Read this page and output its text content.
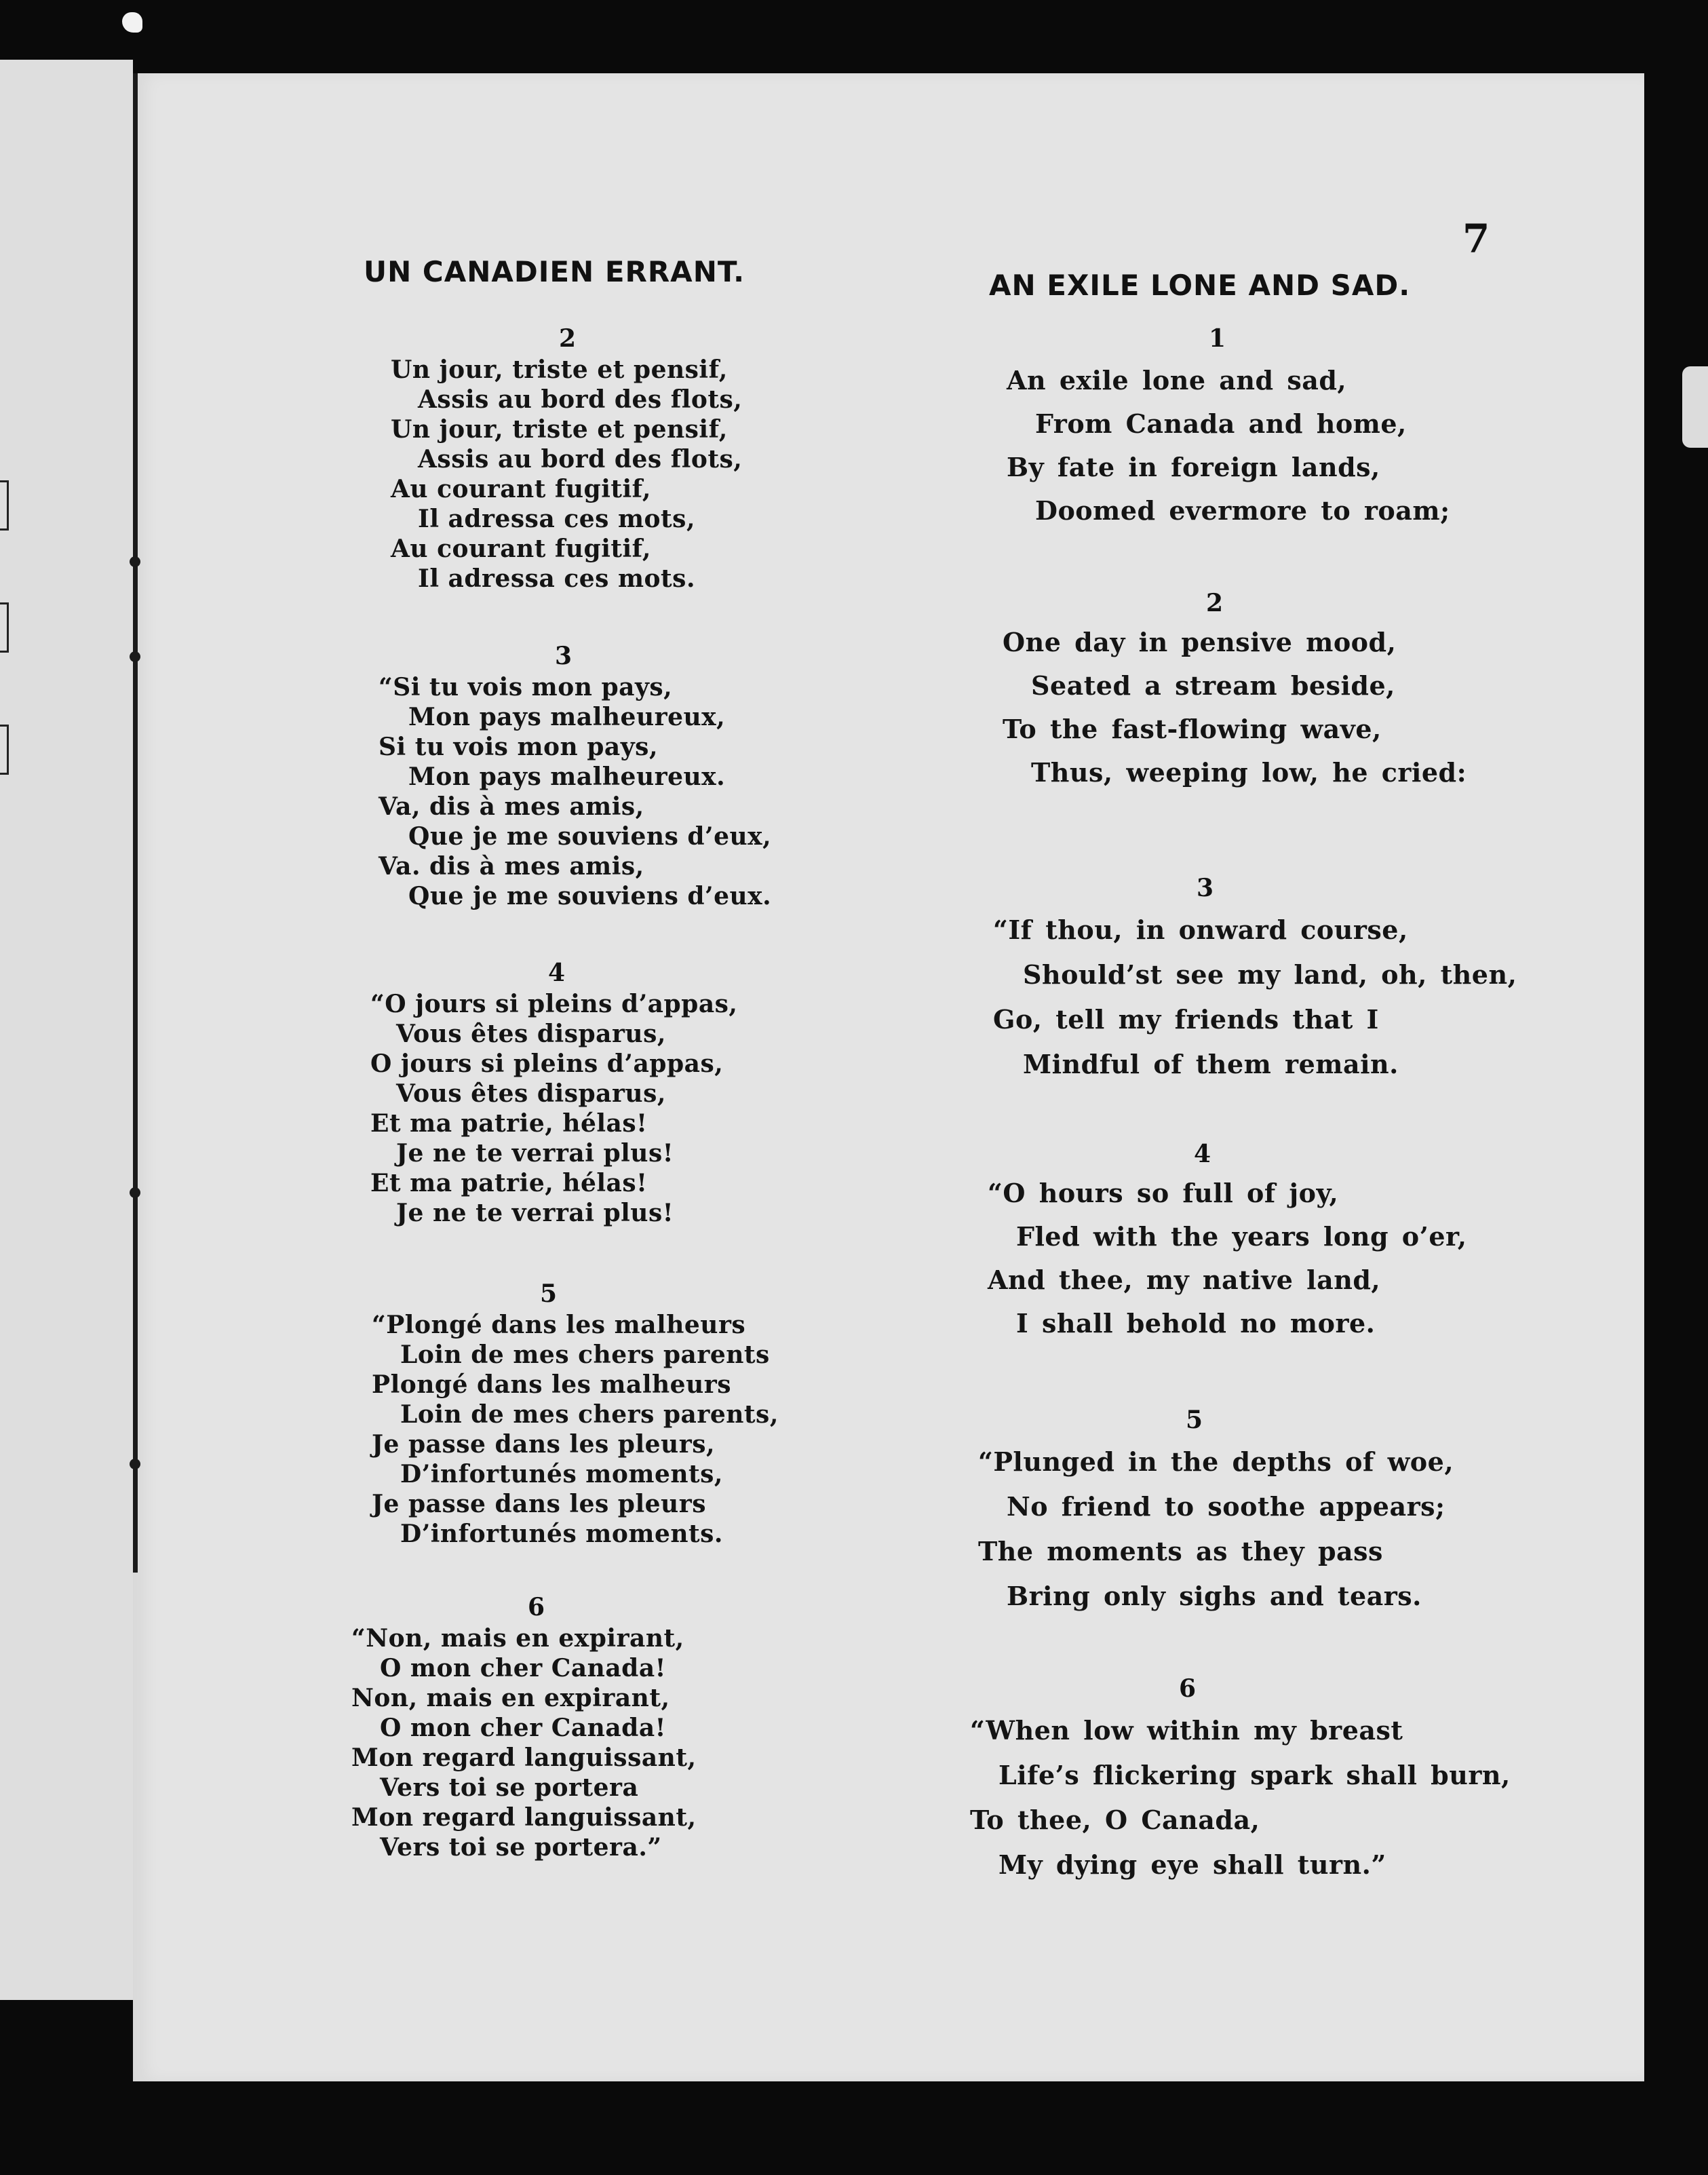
7

UN CANADIEN ERRANT.

2

Un jour, triste et pensif,

Assis au bord des flots,

Un jour, triste et pensif,

Assis au bord des flots,

Au courant fugitif,

Il adressa ces mots,

Au courant fugitif,

Il adressa ces mots.

3

“Si tu vois mon pays,

Mon pays malheureux,

Si tu vois mon pays,

Mon pays malheureux.

Va, dis à mes amis,

Que je me souviens d’eux,

Va. dis à mes amis,

Que je me souviens d’eux.

4

“O jours si pleins d’appas,

Vous êtes disparus,

O jours si pleins d’appas,

Vous êtes disparus,

Et ma patrie, hélas!

Je ne te verrai plus!

Et ma patrie, hélas!

Je ne te verrai plus!

5

“Plongé dans les malheurs

Loin de mes chers parents

Plongé dans les malheurs

Loin de mes chers parents,

Je passe dans les pleurs,

D’infortunés moments,

Je passe dans les pleurs

D’infortunés moments.

6

“Non, mais en expirant,

O mon cher Canada!

Non, mais en expirant,

O mon cher Canada!

Mon regard languissant,

Vers toi se portera

Mon regard languissant,

Vers toi se portera.”

AN EXILE LONE AND SAD.

1

An exile lone and sad,

From Canada and home,

By fate in foreign lands,

Doomed evermore to roam;

2

One day in pensive mood,

Seated a stream beside,

To the fast-flowing wave,

Thus, weeping low, he cried:

3

“If thou, in onward course,

Should’st see my land, oh, then,

Go, tell my friends that I

Mindful of them remain.

4

“O hours so full of joy,

Fled with the years long o’er,

And thee, my native land,

I shall behold no more.

5

“Plunged in the depths of woe,

No friend to soothe appears;

The moments as they pass

Bring only sighs and tears.

6

“When low within my breast

Life’s flickering spark shall burn,

To thee, O Canada,

My dying eye shall turn.”
